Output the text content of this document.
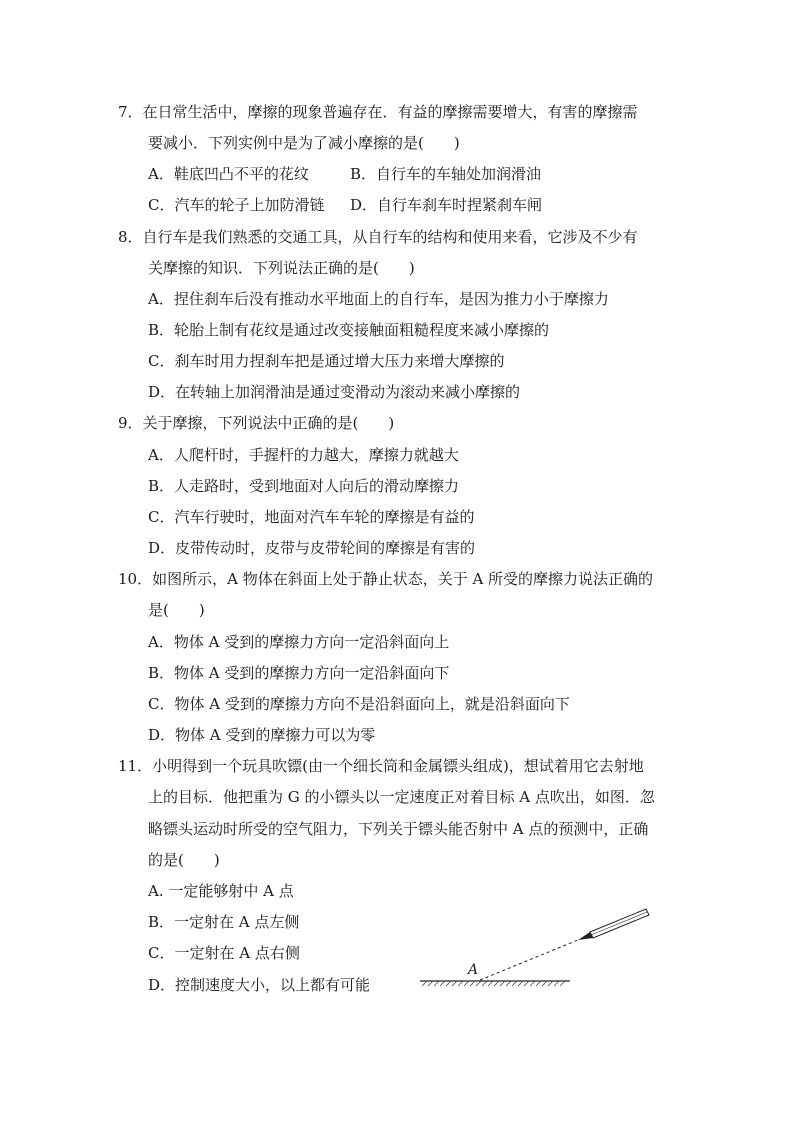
7．在日常生活中，摩擦的现象普遍存在．有益的摩擦需要增大，有害的摩擦需
要减小．下列实例中是为了减小摩擦的是(　　)
A．鞋底凹凸不平的花纹	B．自行车的车轴处加润滑油
C．汽车的轮子上加防滑链 D．自行车刹车时捏紧刹车闸
8．自行车是我们熟悉的交通工具，从自行车的结构和使用来看，它涉及不少有
关摩擦的知识．下列说法正确的是(　　)
A．捏住刹车后没有推动水平地面上的自行车，是因为推力小于摩擦力
B．轮胎上制有花纹是通过改变接触面粗糙程度来减小摩擦的
C．刹车时用力捏刹车把是通过增大压力来增大摩擦的
D．在转轴上加润滑油是通过变滑动为滚动来减小摩擦的
9．关于摩擦，下列说法中正确的是(　　)
A．人爬杆时，手握杆的力越大，摩擦力就越大
B．人走路时，受到地面对人向后的滑动摩擦力
C．汽车行驶时，地面对汽车车轮的摩擦是有益的
D．皮带传动时，皮带与皮带轮间的摩擦是有害的
10．如图所示，A 物体在斜面上处于静止状态，关于 A 所受的摩擦力说法正确的
是(　　)
A．物体 A 受到的摩擦力方向一定沿斜面向上
B．物体 A 受到的摩擦力方向一定沿斜面向下
C．物体 A 受到的摩擦力方向不是沿斜面向上，就是沿斜面向下
D．物体 A 受到的摩擦力可以为零
11．小明得到一个玩具吹镖(由一个细长筒和金属镖头组成)，想试着用它去射地
上的目标．他把重为 G 的小镖头以一定速度正对着目标 A 点吹出，如图．忽
略镖头运动时所受的空气阻力，下列关于镖头能否射中 A 点的预测中，正确
的是(　　)
A. 一定能够射中 A 点
B．一定射在 A 点左侧
C．一定射在 A 点右侧
D．控制速度大小，以上都有可能
A
